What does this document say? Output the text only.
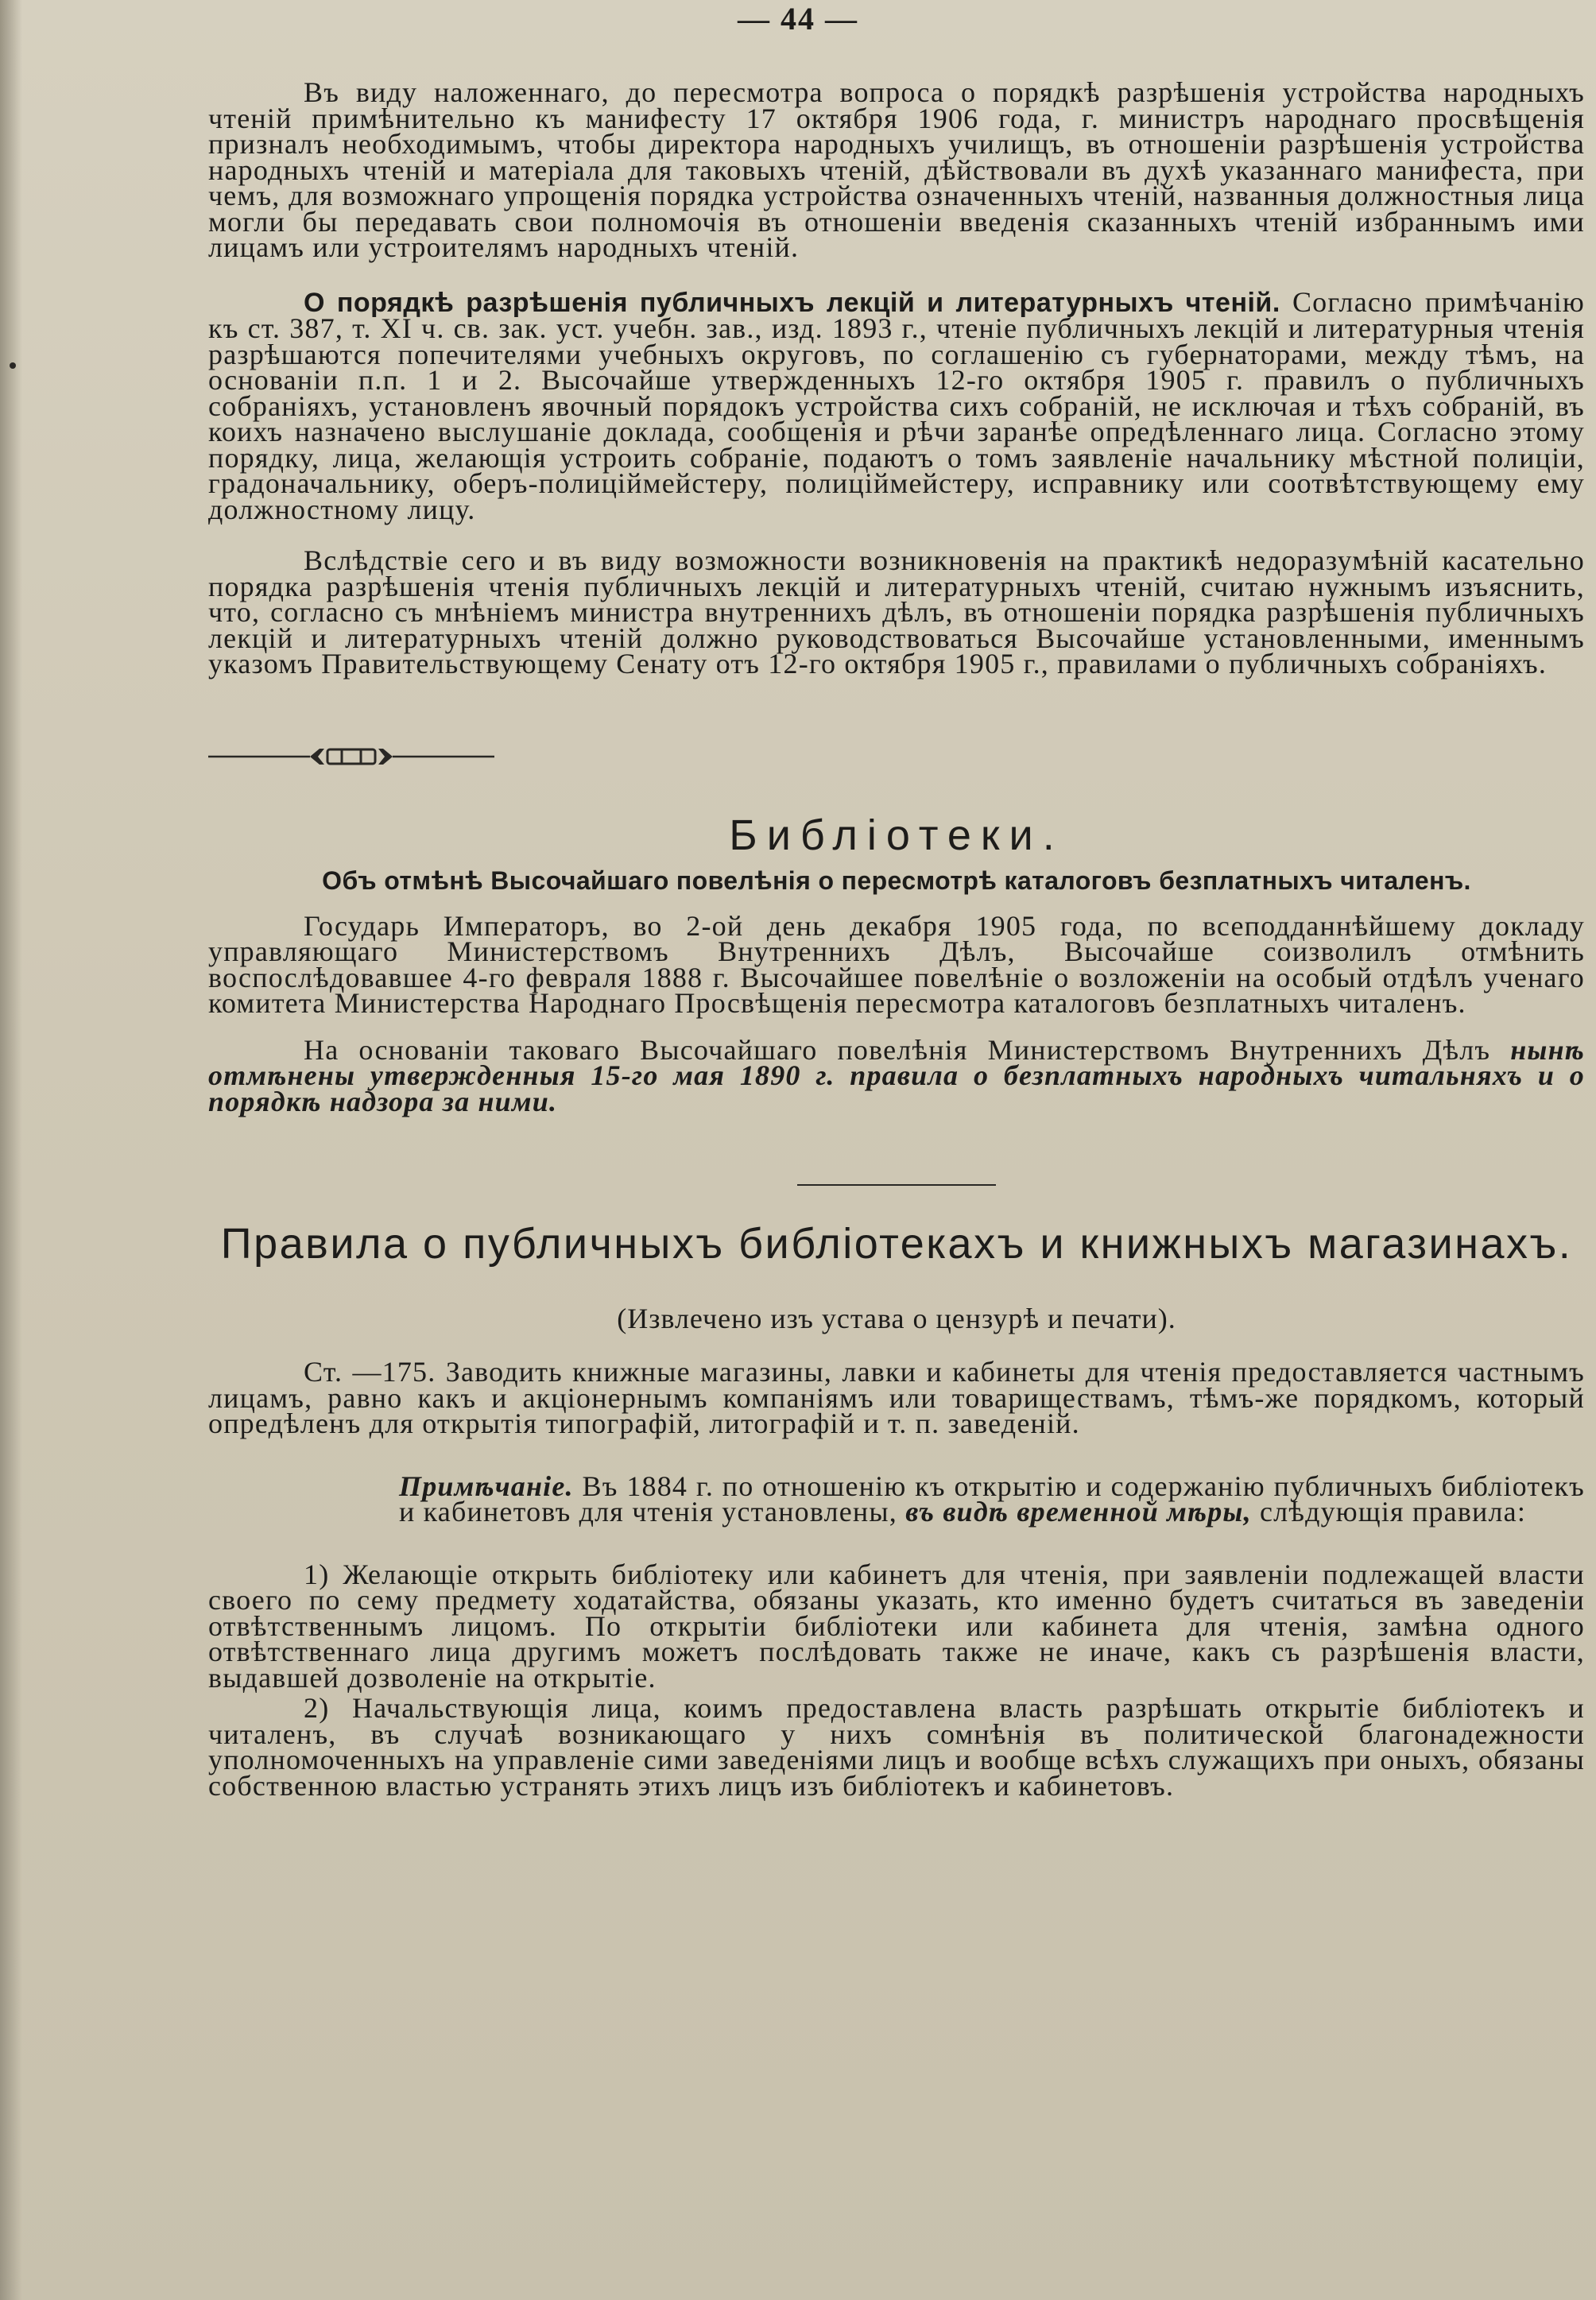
— 44 —

Въ виду наложеннаго, до пересмотра вопроса о порядкѣ разрѣшенія устройства народныхъ чтеній примѣнительно къ манифесту 17 октября 1906 года, г. министръ народнаго просвѣщенія призналъ необходимымъ, чтобы директора народныхъ училищъ, въ отношеніи разрѣшенія устройства народныхъ чтеній и матеріала для таковыхъ чтеній, дѣйствовали въ духѣ указаннаго манифеста, при чемъ, для возможнаго упрощенія порядка устройства означенныхъ чтеній, названныя должностныя лица могли бы передавать свои полномочія въ отношеніи введенія сказанныхъ чтеній избраннымъ ими лицамъ или устроителямъ народныхъ чтеній.

О порядкѣ разрѣшенія публичныхъ лекцій и литературныхъ чтеній. Согласно примѣчанію къ ст. 387, т. XI ч. св. зак. уст. учебн. зав., изд. 1893 г., чтеніе публичныхъ лекцій и литературныя чтенія разрѣшаются попечителями учебныхъ округовъ, по соглашенію съ губернаторами, между тѣмъ, на основаніи п.п. 1 и 2. Высочайше утвержденныхъ 12-го октября 1905 г. правилъ о публичныхъ собраніяхъ, установленъ явочный порядокъ устройства сихъ собраній, не исключая и тѣхъ собраній, въ коихъ назначено выслушаніе доклада, сообщенія и рѣчи заранѣе опредѣленнаго лица. Согласно этому порядку, лица, желающія устроить собраніе, подаютъ о томъ заявленіе начальнику мѣстной полиціи, градоначальнику, оберъ-полиціймейстеру, полиціймейстеру, исправнику или соотвѣтствующему ему должностному лицу.

Вслѣдствіе сего и въ виду возможности возникновенія на практикѣ недоразумѣній касательно порядка разрѣшенія чтенія публичныхъ лекцій и литературныхъ чтеній, считаю нужнымъ изъяснить, что, согласно съ мнѣніемъ министра внутреннихъ дѣлъ, въ отношеніи порядка разрѣшенія публичныхъ лекцій и литературныхъ чтеній должно руководствоваться Высочайше установленными, именнымъ указомъ Правительствующему Сенату отъ 12-го октября 1905 г., правилами о публичныхъ собраніяхъ.

Библіотеки.
Объ отмѣнѣ Высочайшаго повелѣнія о пересмотрѣ каталоговъ безплатныхъ читаленъ.

Государь Императоръ, во 2-ой день декабря 1905 года, по всеподданнѣйшему докладу управляющаго Министерствомъ Внутреннихъ Дѣлъ, Высочайше соизволилъ отмѣнить воспослѣдовавшее 4-го февраля 1888 г. Высочайшее повелѣніе о возложеніи на особый отдѣлъ ученаго комитета Министерства Народнаго Просвѣщенія пересмотра каталоговъ безплатныхъ читаленъ.

На основаніи таковаго Высочайшаго повелѣнія Министерствомъ Внутреннихъ Дѣлъ нынѣ отмѣнены утвержденныя 15-го мая 1890 г. правила о безплатныхъ народныхъ читальняхъ и о порядкѣ надзора за ними.

Правила о публичныхъ библіотекахъ и книжныхъ магазинахъ.
(Извлечено изъ устава о цензурѣ и печати).

Ст. —175. Заводить книжные магазины, лавки и кабинеты для чтенія предоставляется частнымъ лицамъ, равно какъ и акціонернымъ компаніямъ или товариществамъ, тѣмъ-же порядкомъ, который опредѣленъ для открытія типографій, литографій и т. п. заведеній.

Примѣчаніе. Въ 1884 г. по отношенію къ открытію и содержанію публичныхъ библіотекъ и кабинетовъ для чтенія установлены, въ видѣ временной мѣры, слѣдующія правила:

1) Желающіе открыть библіотеку или кабинетъ для чтенія, при заявленіи подлежащей власти своего по сему предмету ходатайства, обязаны указать, кто именно будетъ считаться въ заведеніи отвѣтственнымъ лицомъ. По открытіи библіотеки или кабинета для чтенія, замѣна одного отвѣтственнаго лица другимъ можетъ послѣдовать также не иначе, какъ съ разрѣшенія власти, выдавшей дозволеніе на открытіе.

2) Начальствующія лица, коимъ предоставлена власть разрѣшать открытіе библіотекъ и читаленъ, въ случаѣ возникающаго у нихъ сомнѣнія въ политической благонадежности уполномоченныхъ на управленіе сими заведеніями лицъ и вообще всѣхъ служащихъ при оныхъ, обязаны собственною властью устранять этихъ лицъ изъ библіотекъ и кабинетовъ.
